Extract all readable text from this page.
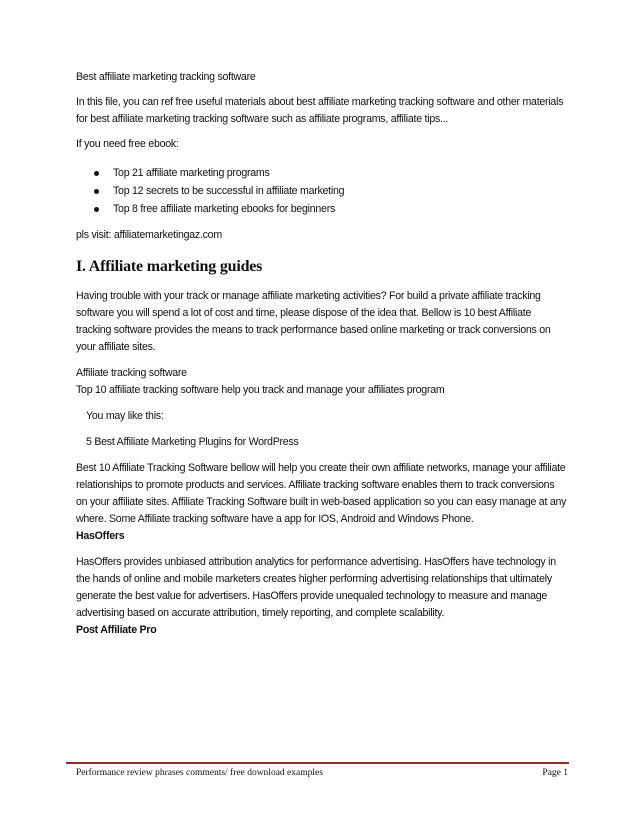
Best affiliate marketing tracking software

In this file, you can ref free useful materials about best affiliate marketing tracking software and other materials for best affiliate marketing tracking software such as affiliate programs, affiliate tips...

If you need free ebook:

Top 21 affiliate marketing programs
Top 12 secrets to be successful in affiliate marketing
Top 8 free affiliate marketing ebooks for beginners

pls visit: affiliatemarketingaz.com

I. Affiliate marketing guides

Having trouble with your track or manage affiliate marketing activities? For build a private affiliate tracking software you will spend a lot of cost and time, please dispose of the idea that. Bellow is 10 best Affiliate tracking software provides the means to track performance based online marketing or track conversions on your affiliate sites.

Affiliate tracking software

Top 10 affiliate tracking software help you track and manage your affiliates program

You may like this:

5 Best Affiliate Marketing Plugins for WordPress

Best 10 Affiliate Tracking Software bellow will help you create their own affiliate networks, manage your affiliate relationships to promote products and services. Affiliate tracking software enables them to track conversions on your affiliate sites. Affiliate Tracking Software built in web-based application so you can easy manage at any where. Some Affiliate tracking software have a app for IOS, Android and Windows Phone.

HasOffers

HasOffers provides unbiased attribution analytics for performance advertising. HasOffers have technology in the hands of online and mobile marketers creates higher performing advertising relationships that ultimately generate the best value for advertisers. HasOffers provide unequaled technology to measure and manage advertising based on accurate attribution, timely reporting, and complete scalability.

Post Affiliate Pro

Performance review phrases comments/ free download examples	Page 1
